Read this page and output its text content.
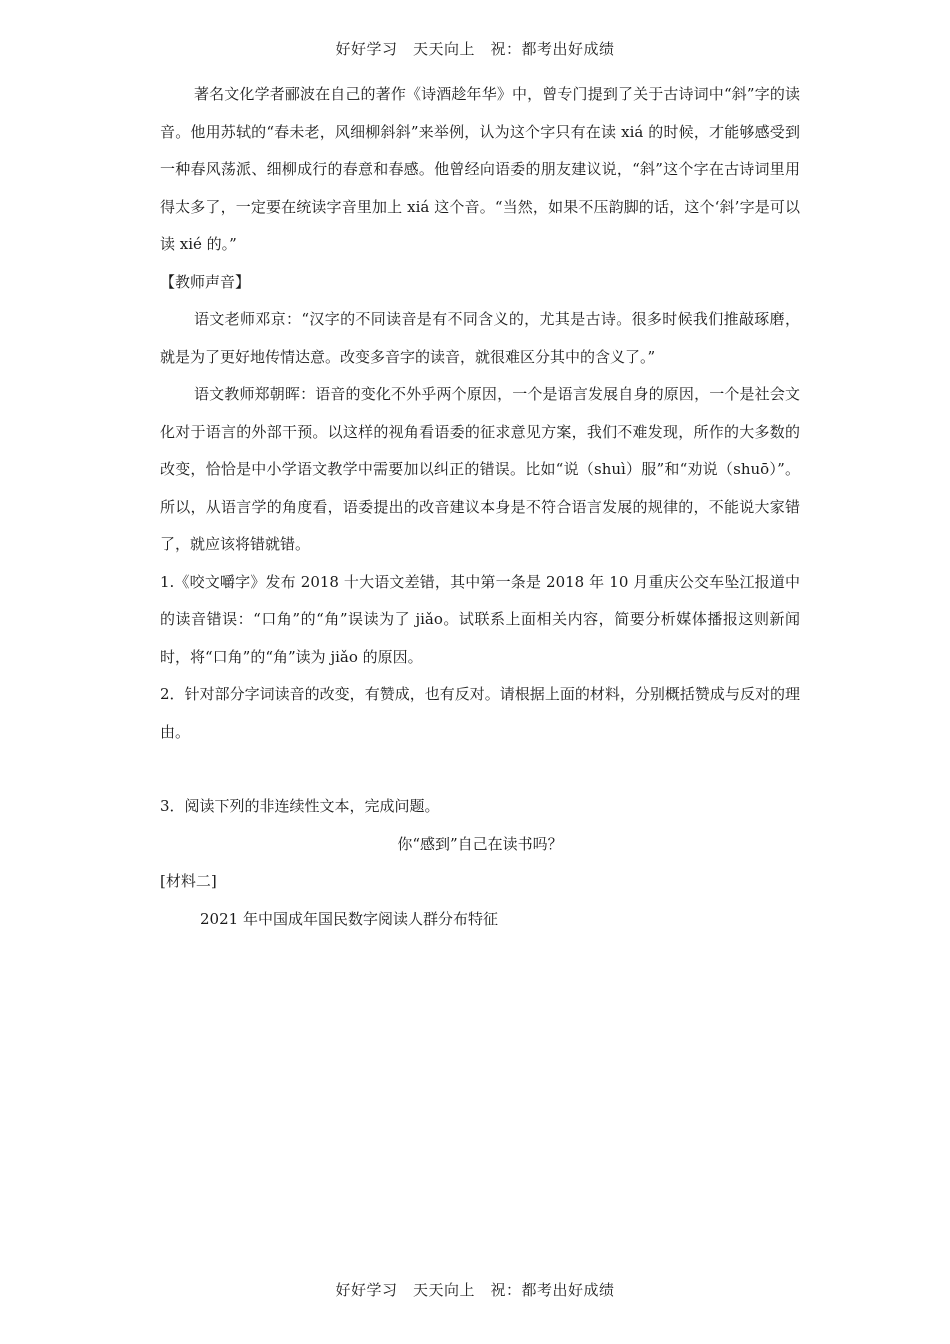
好好学习　天天向上　祝：都考出好成绩

著名文化学者郦波在自己的著作《诗酒趁年华》中，曾专门提到了关于古诗词中“斜”字的读音。他用苏轼的“春未老，风细柳斜斜”来举例，认为这个字只有在读 xiá 的时候，才能够感受到一种春风荡派、细柳成行的春意和春感。他曾经向语委的朋友建议说，“斜”这个字在古诗词里用得太多了，一定要在统读字音里加上 xiá 这个音。“当然，如果不压韵脚的话，这个‘斜’字是可以读 xié 的。”

【教师声音】

语文老师邓京：“汉字的不同读音是有不同含义的，尤其是古诗。很多时候我们推敲琢磨，就是为了更好地传情达意。改变多音字的读音，就很难区分其中的含义了。”

语文教师郑朝晖：语音的变化不外乎两个原因，一个是语言发展自身的原因，一个是社会文化对于语言的外部干预。以这样的视角看语委的征求意见方案，我们不难发现，所作的大多数的改变，恰恰是中小学语文教学中需要加以纠正的错误。比如“说（shuì）服”和“劝说（shuō）”。所以，从语言学的角度看，语委提出的改音建议本身是不符合语言发展的规律的，不能说大家错了，就应该将错就错。

1.《咬文嚼字》发布 2018 十大语文差错，其中第一条是 2018 年 10 月重庆公交车坠江报道中的读音错误：“口角”的“角”误读为了 jiǎo。试联系上面相关内容，简要分析媒体播报这则新闻时，将“口角”的“角”读为 jiǎo 的原因。

2．针对部分字词读音的改变，有赞成，也有反对。请根据上面的材料，分别概括赞成与反对的理由。

3．阅读下列的非连续性文本，完成问题。

你“感到”自己在读书吗？

[材料二]

2021 年中国成年国民数字阅读人群分布特征

好好学习　天天向上　祝：都考出好成绩
